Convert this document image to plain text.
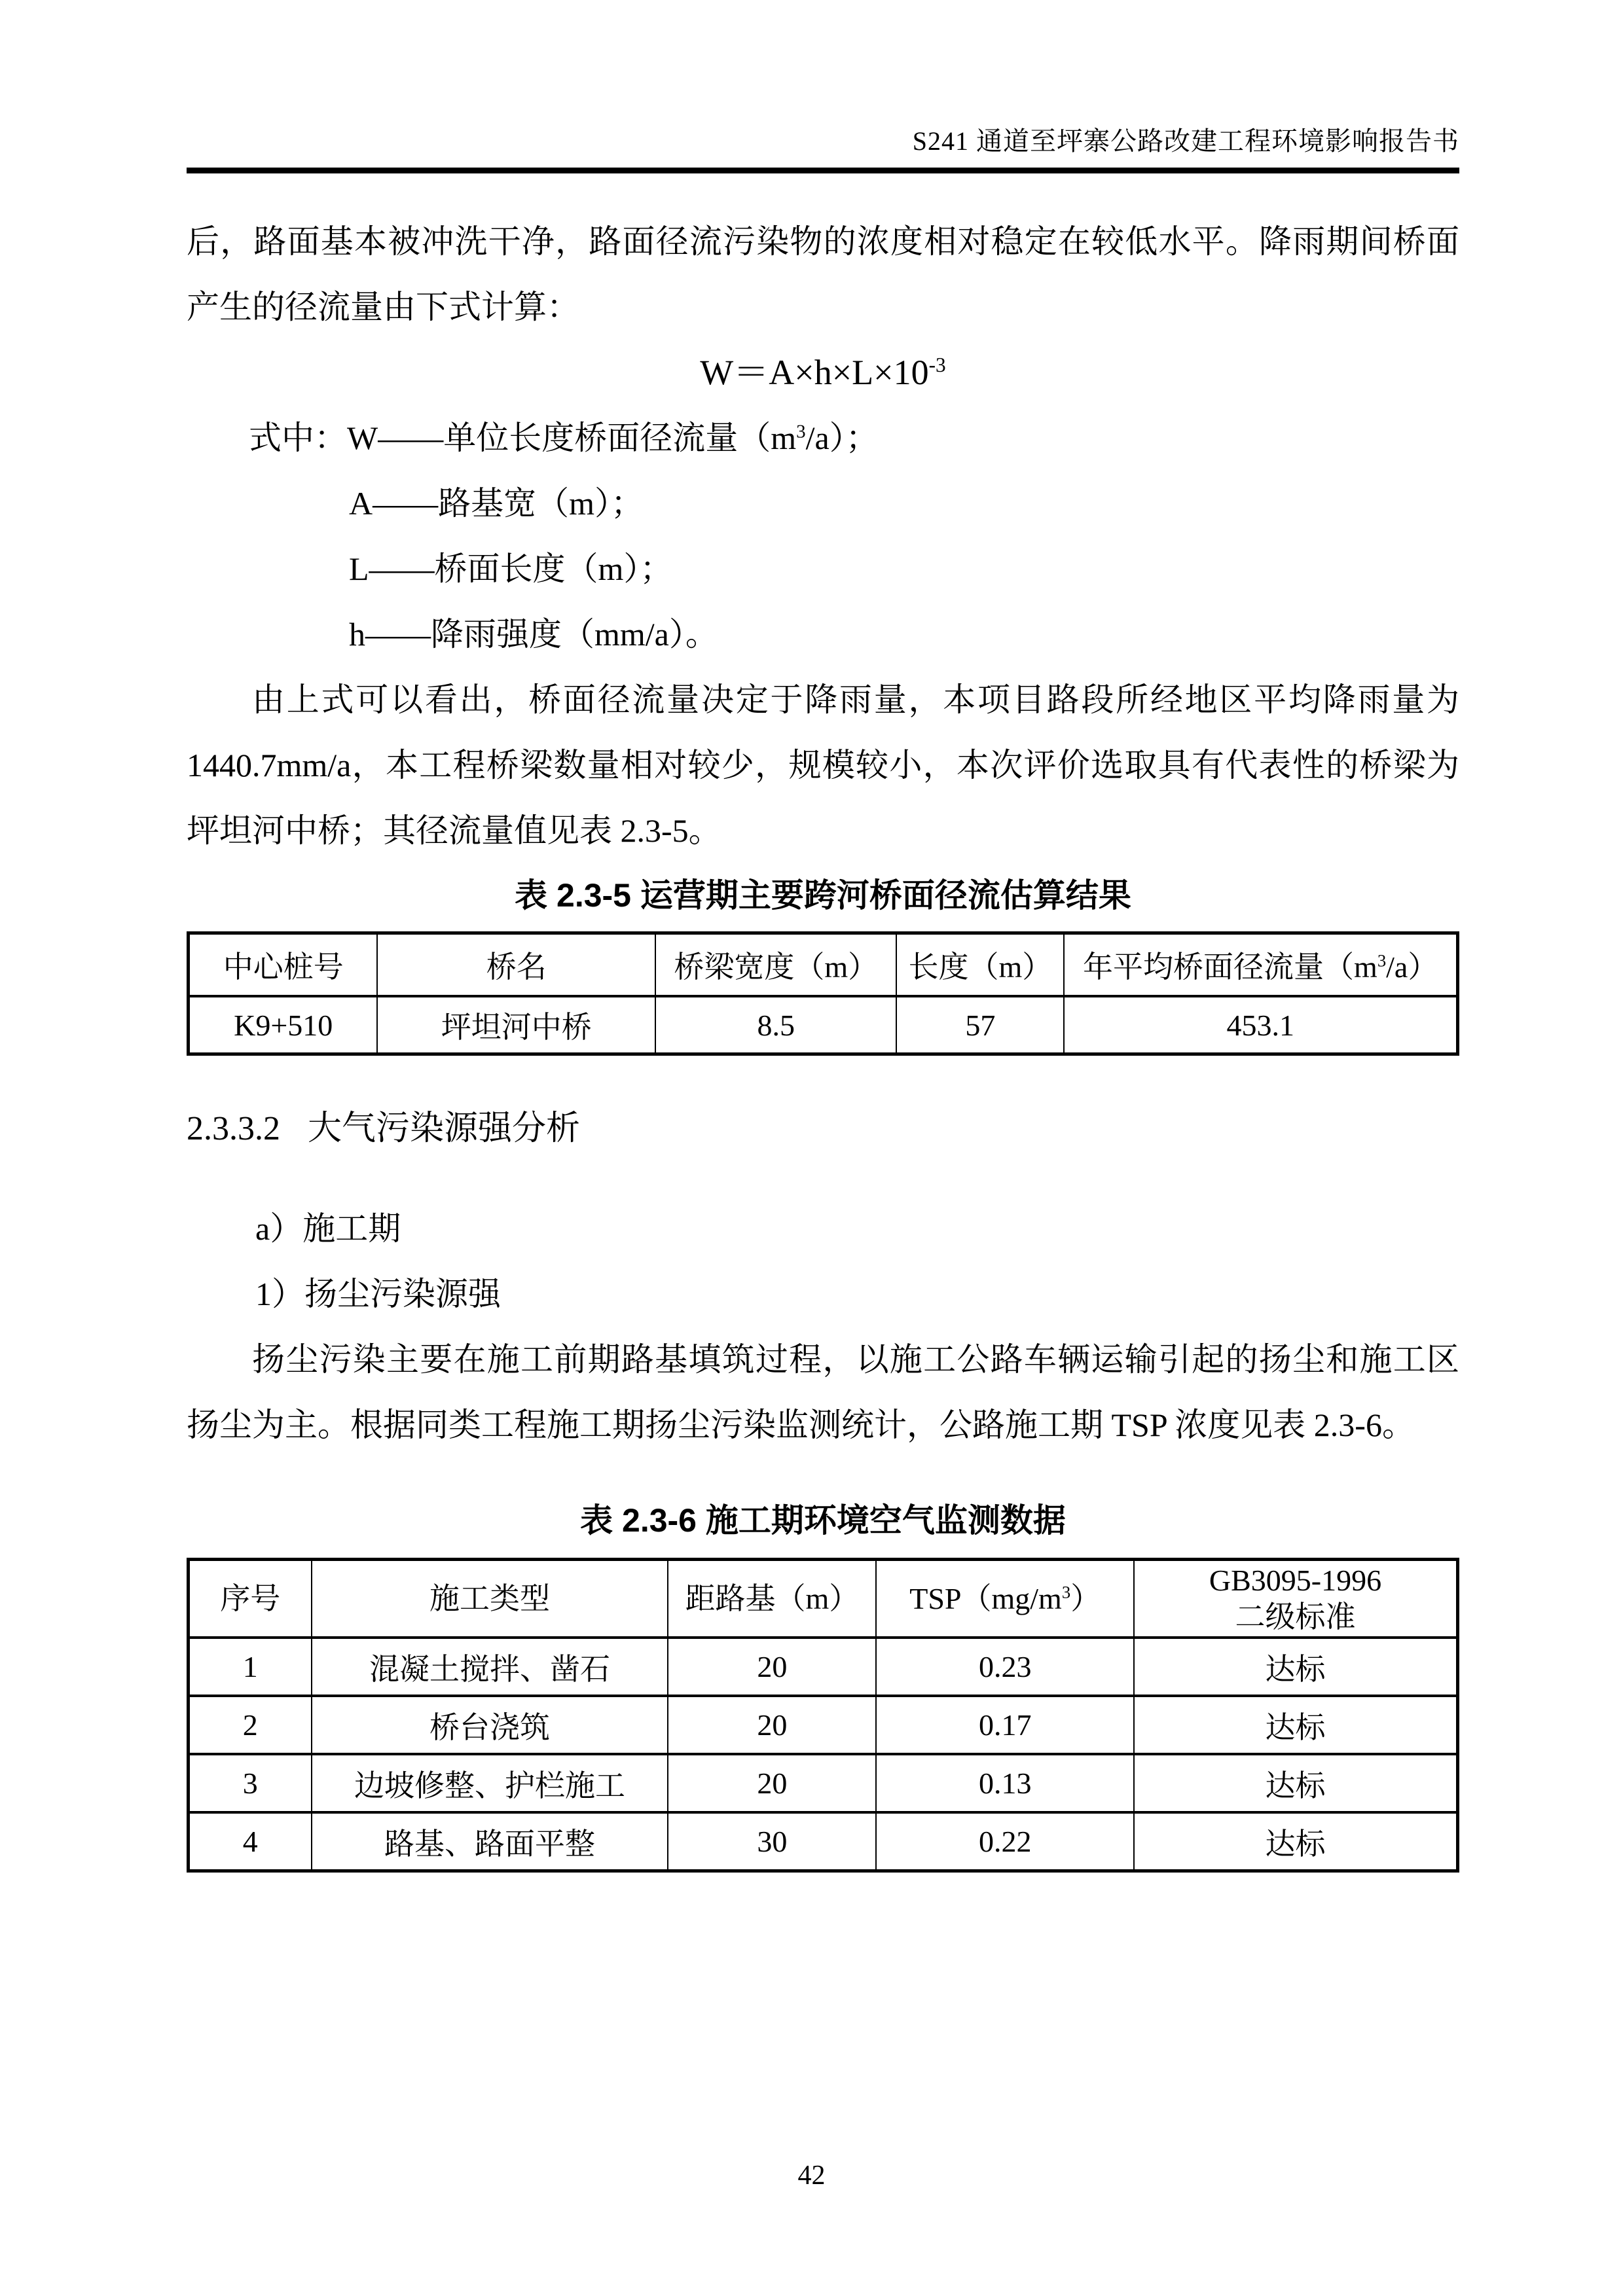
S241 通道至坪寨公路改建工程环境影响报告书

后，路面基本被冲洗干净，路面径流污染物的浓度相对稳定在较低水平。降雨期间桥面产生的径流量由下式计算：

$W=A\times h\times L\times 10^{-3}$

式中：W——单位长度桥面径流量$(m^3/a)$；

A——路基宽（m）；

L——桥面长度（m）；

h——降雨强度（mm/a）。

由上式可以看出，桥面径流量决定于降雨量，本项目路段所经地区平均降雨量为1440.7mm/a，本工程桥梁数量相对较少，规模较小，本次评价选取具有代表性的桥梁为坪坦河中桥；其径流量值见表 2.3-5。

表 2.3-5 运营期主要跨河桥面径流估算结果
中心桩号	桥名	桥梁宽度（m）	长度（m）	年平均桥面径流量$(m^3/a)$
K9+510	坪坦河中桥	8.5	57	453.1
2.3.3.2 大气污染源强分析

a）施工期

1）扬尘污染源强

扬尘污染主要在施工前期路基填筑过程，以施工公路车辆运输引起的扬尘和施工区扬尘为主。根据同类工程施工期扬尘污染监测统计，公路施工期 TSP 浓度见表 2.3-6。

表 2.3-6 施工期环境空气监测数据
序号	施工类型	距路基（m）	$TSP(mg/m^3)$	GB3095-1996
二级标准

1	混凝土搅拌、凿石	20	0.23	达标
2	桥台浇筑	20	0.17	达标
3	边坡修整、护栏施工	20	0.13	达标
4	路基、路面平整	30	0.22	达标
42
